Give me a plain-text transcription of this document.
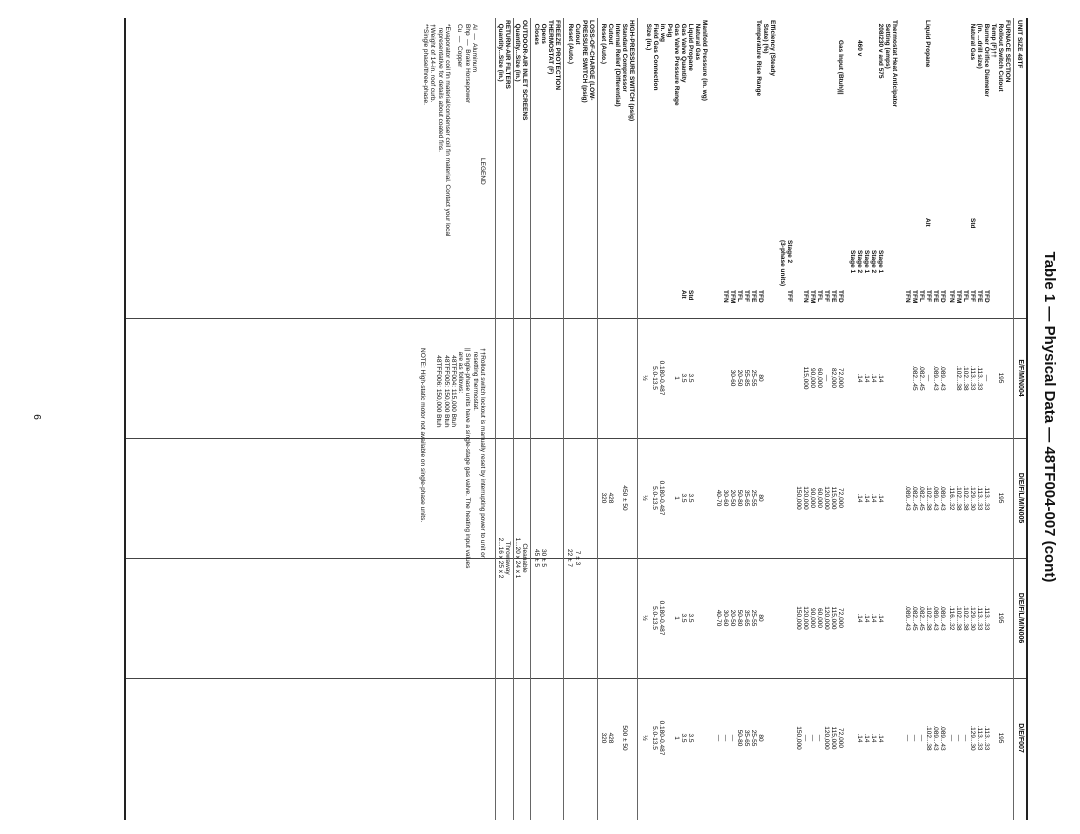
Table 1 — Physical Data — 48TF004-007 (cont)
UNIT SIZE 48TF
E/F/M/N004
D/E/F/L/M/N005
D/E/F/L/M/N006
D/E/F007
FURNACE SECTION
Rollout Switch Cutout
Temp (F)††
Burner Orifice Diameter
(in. ...drill size)
Natural Gas
Std
TFD
TFE
TFF
TFL
TFM
TFN
195
195
195
195
—
.113...33
.113...33
.113...33
.113...33
.129...30
.113...33
.113...33
.129...30
.113...33
.113...33
.129...30
.102...38
.102...38

.102...38
.102...38
.116...32
.102...38
.102...38
.116...32
—
—
—
Liquid Propane
Alt
TFD
TFE
TFF
TFL
TFM
TFN
.089...43
.089...43
—
.082...45
.082...45
.089...43
.089...43
.102...38
.082...45
.082...45
.089...43
.089...43
.089...43
.102...38
.082...45
.082...45
.089...43
.089...43
.089...43
.102...38
—
—
—
Thermostat Heat Anticipator
Setting (amps)
208/230 v and 575
Stage 1
Stage 2
Stage 1
Stage 2
Stage 1
460 v
.14
.14
.14
.14
.14
.14
.14
.14
.14
.14
.14
.14
.14
.14
.14
.14
Gas Input (Btuh)||
TFD
TFE
TFF
TFL
TFM
TFN
72,000
82,000
—
60,000
90,000
115,000
72,000
115,000
120,000
60,000
90,000
120,000
150,000
72,000
115,000
120,000
60,000
90,000
120,000
150,000
72,000
115,000
120,000
—
—
—
150,000
Stage 2
(3-phase units)
TFF
Efficiency (Steady
State) (%)
Temperature Rise Range
TFD
TFE
TFF
TFL
TFM
TFN
80
25-55
55-85
20-50
30-60
80
25-55
35-65
50-80
20-50
30-60
40-70
80
25-55
35-65
50-80
20-50
30-60
40-70
80
25-55
35-65
50-80
—
—
—
Manifold Pressure (in. wg)
Natural Gas
Liquid Propane
Gas Valve Quantity
Gas Valve Pressure Range
Psig
in. wg
Field Gas Connection
Size (in.)
Std
Alt
3.5
3.5
1
3.5
3.5
1
3.5
3.5
1
3.5
3.5
1
0.180-0.487
5.0-13.5
0.180-0.487
5.0-13.5
0.180-0.487
5.0-13.5
0.180-0.487
5.0-13.5
½
½
½
½
HIGH-PRESSURE SWITCH (psig)
Standard Compressor
Internal Relief (Differential)
Cutout
Reset (Auto.)
450 ± 50
500 ± 50
428
320
428
320
LOSS-OF-CHARGE (LOW-
PRESSURE SWITCH (psig)
Cutout
Reset (Auto.)
7 ± 3
22 ± 7
FREEZE PROTECTION
THERMOSTAT (F)
Opens
Closes
30 ± 5
45 ± 5
OUTDOOR-AIR INLET SCREENS
Quantity...Size (in.)
Cleanable
1...20 x 24 x 1
RETURN-AIR FILTERS
Quantity...Size (in.)
Throwaway
2...16 x 25 x 2
LEGEND
Al  —  Aluminum
Bhp  —  Brake Horsepower
Cu  —  Copper
*Evaporator coil fin material/condenser coil fin material. Contact your local
representative for details about coated fins.
†Weight of 14-in. roof curb.
**Single phase/three-phase.
††Rollout switch lockout is manually reset by interrupting power to unit or
resetting thermostat.
|| Single-phase units have a single-stage gas valve. The heating input values
are as follows:
48TFF004: 115,000 Btuh
48TFF005: 150,000 Btuh
48TFF006: 150,000 Btuh
NOTE: High-static motor not available on single-phase units.
6
